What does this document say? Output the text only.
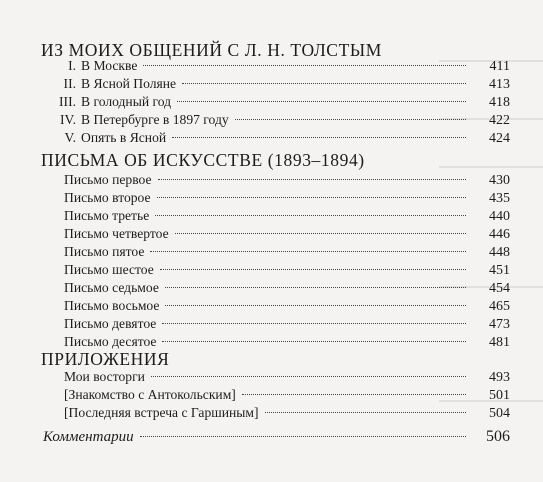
ИЗ МОИХ ОБЩЕНИЙ С Л. Н. ТОЛСТЫМ
I. В Москве	411
II. В Ясной Поляне	413
III. В голодный год	418
IV. В Петербурге в 1897 году	422
V. Опять в Ясной	424
ПИСЬМА ОБ ИСКУССТВЕ (1893–1894)
Письмо первое	430
Письмо второе	435
Письмо третье	440
Письмо четвертое	446
Письмо пятое	448
Письмо шестое	451
Письмо седьмое	454
Письмо восьмое	465
Письмо девятое	473
Письмо десятое	481
ПРИЛОЖЕНИЯ
Мои восторги	493
[Знакомство с Антокольским]	501
[Последняя встреча с Гаршиным]	504
Комментарии	506
